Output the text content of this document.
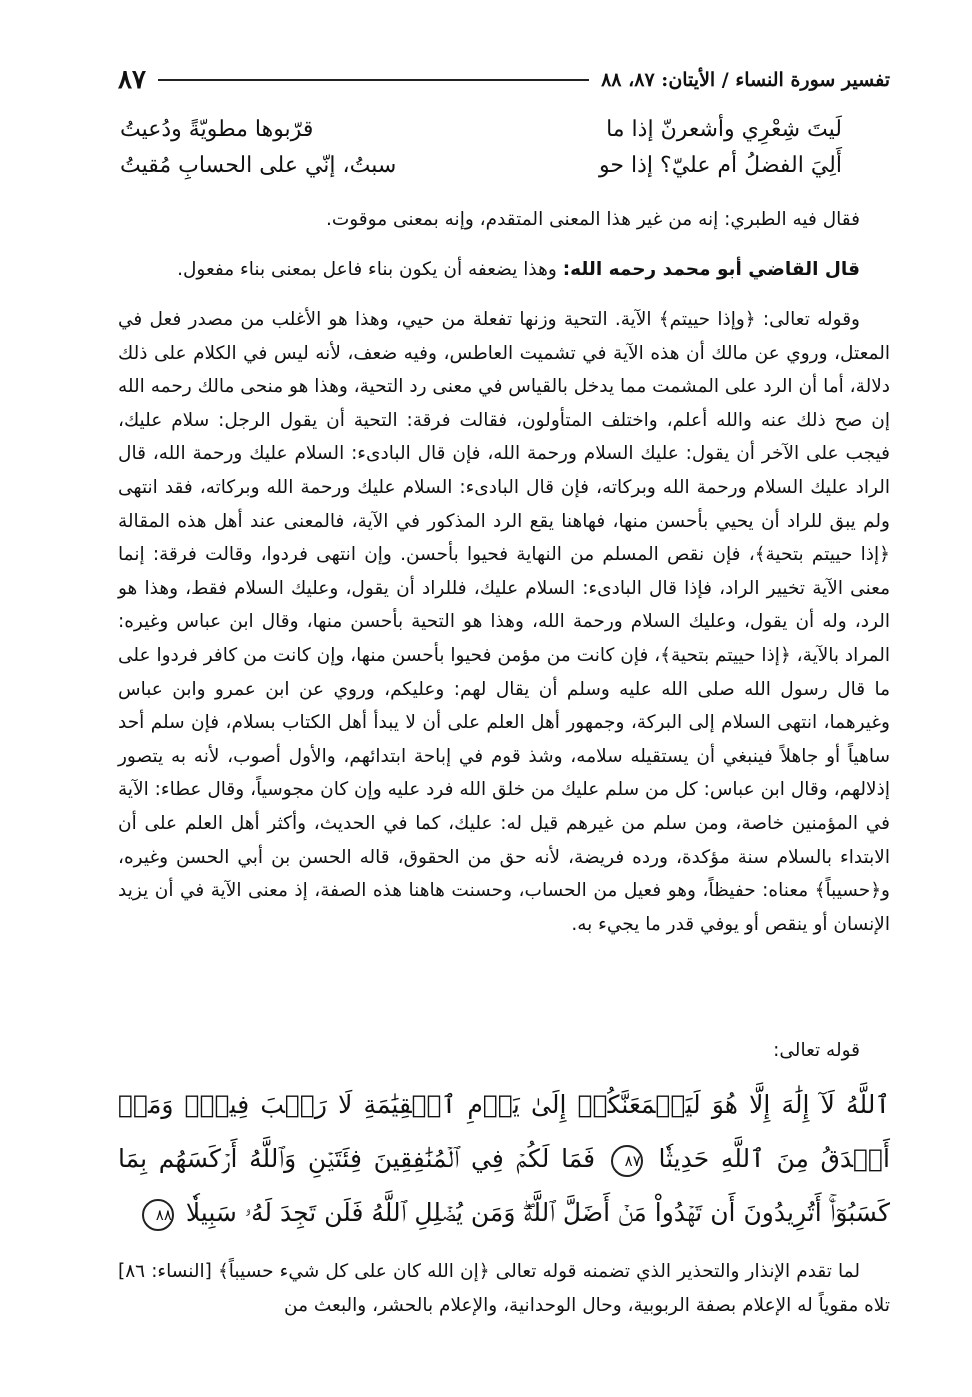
تفسير سورة النساء / الأيتان: ٨٧، ٨٨
٨٧
لَيتَ شِعْرِي وأشعرنّ إذا ما
قرّبوها مطويّةً ودُعيتُ
أَلِيَ الفضلُ أم عليّ؟ إذا حو
سبتُ، إنّي على الحسابِ مُقيتُ

فقال فيه الطبري: إنه من غير هذا المعنى المتقدم، وإنه بمعنى موقوت.

قال القاضي أبو محمد رحمه الله: وهذا يضعفه أن يكون بناء فاعل بمعنى بناء مفعول.

وقوله تعالى: ﴿وإذا حييتم﴾ الآية. التحية وزنها تفعلة من حيي، وهذا هو الأغلب من مصدر فعل في المعتل، وروي عن مالك أن هذه الآية في تشميت العاطس، وفيه ضعف، لأنه ليس في الكلام على ذلك دلالة، أما أن الرد على المشمت مما يدخل بالقياس في معنى رد التحية، وهذا هو منحى مالك رحمه الله إن صح ذلك عنه والله أعلم، واختلف المتأولون، فقالت فرقة: التحية أن يقول الرجل: سلام عليك، فيجب على الآخر أن يقول: عليك السلام ورحمة الله، فإن قال البادىء: السلام عليك ورحمة الله، قال الراد عليك السلام ورحمة الله وبركاته، فإن قال البادىء: السلام عليك ورحمة الله وبركاته، فقد انتهى ولم يبق للراد أن يحيي بأحسن منها، فهاهنا يقع الرد المذكور في الآية، فالمعنى عند أهل هذه المقالة ﴿إذا حييتم بتحية﴾، فإن نقص المسلم من النهاية فحيوا بأحسن. وإن انتهى فردوا، وقالت فرقة: إنما معنى الآية تخيير الراد، فإذا قال البادىء: السلام عليك، فللراد أن يقول، وعليك السلام فقط، وهذا هو الرد، وله أن يقول، وعليك السلام ورحمة الله، وهذا هو التحية بأحسن منها، وقال ابن عباس وغيره: المراد بالآية، ﴿إذا حييتم بتحية﴾، فإن كانت من مؤمن فحيوا بأحسن منها، وإن كانت من كافر فردوا على ما قال رسول الله صلى الله عليه وسلم أن يقال لهم: وعليكم، وروي عن ابن عمرو وابن عباس وغيرهما، انتهى السلام إلى البركة، وجمهور أهل العلم على أن لا يبدأ أهل الكتاب بسلام، فإن سلم أحد ساهياً أو جاهلاً فينبغي أن يستقيله سلامه، وشذ قوم في إباحة ابتدائهم، والأول أصوب، لأنه به يتصور إذلالهم، وقال ابن عباس: كل من سلم عليك من خلق الله فرد عليه وإن كان مجوسياً، وقال عطاء: الآية في المؤمنين خاصة، ومن سلم من غيرهم قيل له: عليك، كما في الحديث، وأكثر أهل العلم على أن الابتداء بالسلام سنة مؤكدة، ورده فريضة، لأنه حق من الحقوق، قاله الحسن بن أبي الحسن وغيره، و﴿حسيباً﴾ معناه: حفيظاً، وهو فعيل من الحساب، وحسنت هاهنا هذه الصفة، إذ معنى الآية في أن يزيد الإنسان أو ينقص أو يوفي قدر ما يجيء به.

قوله تعالى:

ٱللَّهُ لَآ إِلَٰهَ إِلَّا هُوَ لَيَجۡمَعَنَّكُمۡ إِلَىٰ يَوۡمِ ٱلۡقِيَٰمَةِ لَا رَيۡبَ فِيهِۗ وَمَنۡ أَصۡدَقُ مِنَ ٱللَّهِ حَدِيثٗا ٨٧ فَمَا لَكُمۡ فِي ٱلۡمُنَٰفِقِينَ فِئَتَيۡنِ وَٱللَّهُ أَرۡكَسَهُم بِمَا كَسَبُوٓاْۚ أَتُرِيدُونَ أَن تَهۡدُواْ مَنۡ أَضَلَّ ٱللَّهُۖ وَمَن يُضۡلِلِ ٱللَّهُ فَلَن تَجِدَ لَهُۥ سَبِيلٗا ٨٨

لما تقدم الإنذار والتحذير الذي تضمنه قوله تعالى ﴿إن الله كان على كل شيء حسيباً﴾ [النساء: ٨٦] تلاه مقوياً له الإعلام بصفة الربوبية، وحال الوحدانية، والإعلام بالحشر، والبعث من
